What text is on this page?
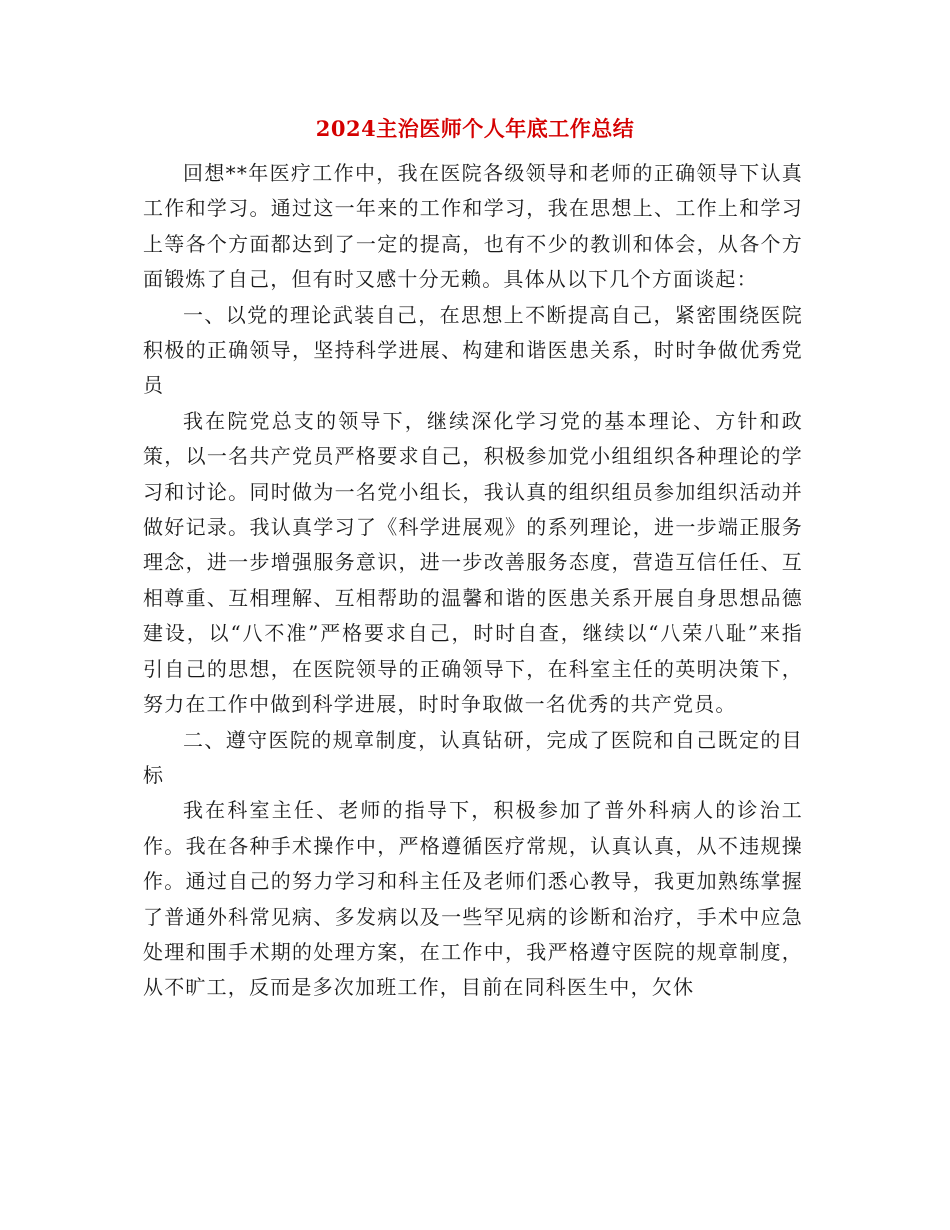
2024主治医师个人年底工作总结

回想**年医疗工作中，我在医院各级领导和老师的正确领导下认真工作和学习。通过这一年来的工作和学习，我在思想上、工作上和学习上等各个方面都达到了一定的提高，也有不少的教训和体会，从各个方面锻炼了自己，但有时又感十分无赖。具体从以下几个方面谈起：

一、以党的理论武装自己，在思想上不断提高自己，紧密围绕医院积极的正确领导，坚持科学进展、构建和谐医患关系，时时争做优秀党员

我在院党总支的领导下，继续深化学习党的基本理论、方针和政策，以一名共产党员严格要求自己，积极参加党小组组织各种理论的学习和讨论。同时做为一名党小组长，我认真的组织组员参加组织活动并做好记录。我认真学习了《科学进展观》的系列理论，进一步端正服务理念，进一步增强服务意识，进一步改善服务态度，营造互信任任、互相尊重、互相理解、互相帮助的温馨和谐的医患关系开展自身思想品德建设，以“八不准”严格要求自己，时时自查，继续以“八荣八耻”来指引自己的思想，在医院领导的正确领导下，在科室主任的英明决策下，努力在工作中做到科学进展，时时争取做一名优秀的共产党员。

二、遵守医院的规章制度，认真钻研，完成了医院和自己既定的目标

我在科室主任、老师的指导下，积极参加了普外科病人的诊治工作。我在各种手术操作中，严格遵循医疗常规，认真认真，从不违规操作。通过自己的努力学习和科主任及老师们悉心教导，我更加熟练掌握了普通外科常见病、多发病以及一些罕见病的诊断和治疗，手术中应急处理和围手术期的处理方案，在工作中，我严格遵守医院的规章制度，从不旷工，反而是多次加班工作，目前在同科医生中，欠休
